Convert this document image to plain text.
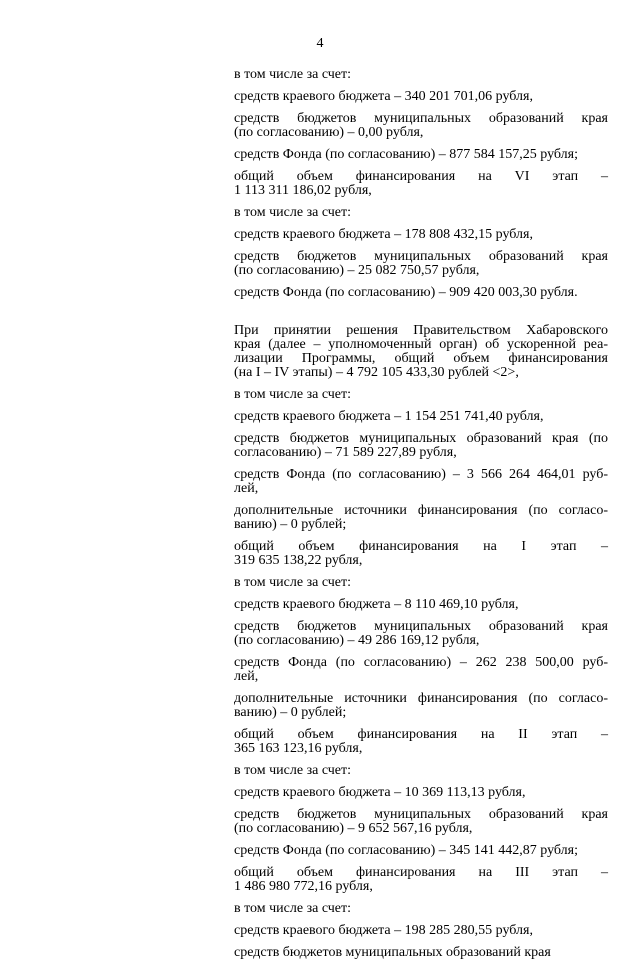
4
в том числе за счет:
средств краевого бюджета – 340 201 701,06 рубля,
средств бюджетов муниципальных образований края
(по согласованию) – 0,00 рубля,
средств Фонда (по согласованию) – 877 584 157,25 рубля;
общий объем финансирования на VI этап –
1 113 311 186,02 рубля,
в том числе за счет:
средств краевого бюджета – 178 808 432,15 рубля,
средств бюджетов муниципальных образований края
(по согласованию) – 25 082 750,57 рубля,
средств Фонда (по согласованию) – 909 420 003,30 рубля.
При принятии решения Правительством Хабаровского
края (далее – уполномоченный орган) об ускоренной реа-
лизации Программы, общий объем финансирования
(на I – IV этапы) – 4 792 105 433,30 рублей <2>,
в том числе за счет:
средств краевого бюджета – 1 154 251 741,40 рубля,
средств бюджетов муниципальных образований края (по
согласованию) – 71 589 227,89 рубля,
средств Фонда (по согласованию) – 3 566 264 464,01 руб-
лей,
дополнительные источники финансирования (по согласо-
ванию) – 0 рублей;
общий объем финансирования на I этап –
319 635 138,22 рубля,
в том числе за счет:
средств краевого бюджета – 8 110 469,10 рубля,
средств бюджетов муниципальных образований края
(по согласованию) – 49 286 169,12 рубля,
средств Фонда (по согласованию) – 262 238 500,00 руб-
лей,
дополнительные источники финансирования (по согласо-
ванию) – 0 рублей;
общий объем финансирования на II этап –
365 163 123,16 рубля,
в том числе за счет:
средств краевого бюджета – 10 369 113,13 рубля,
средств бюджетов муниципальных образований края
(по согласованию) – 9 652 567,16 рубля,
средств Фонда (по согласованию) – 345 141 442,87 рубля;
общий объем финансирования на III этап –
1 486 980 772,16 рубля,
в том числе за счет:
средств краевого бюджета – 198 285 280,55 рубля,
средств бюджетов муниципальных образований края
